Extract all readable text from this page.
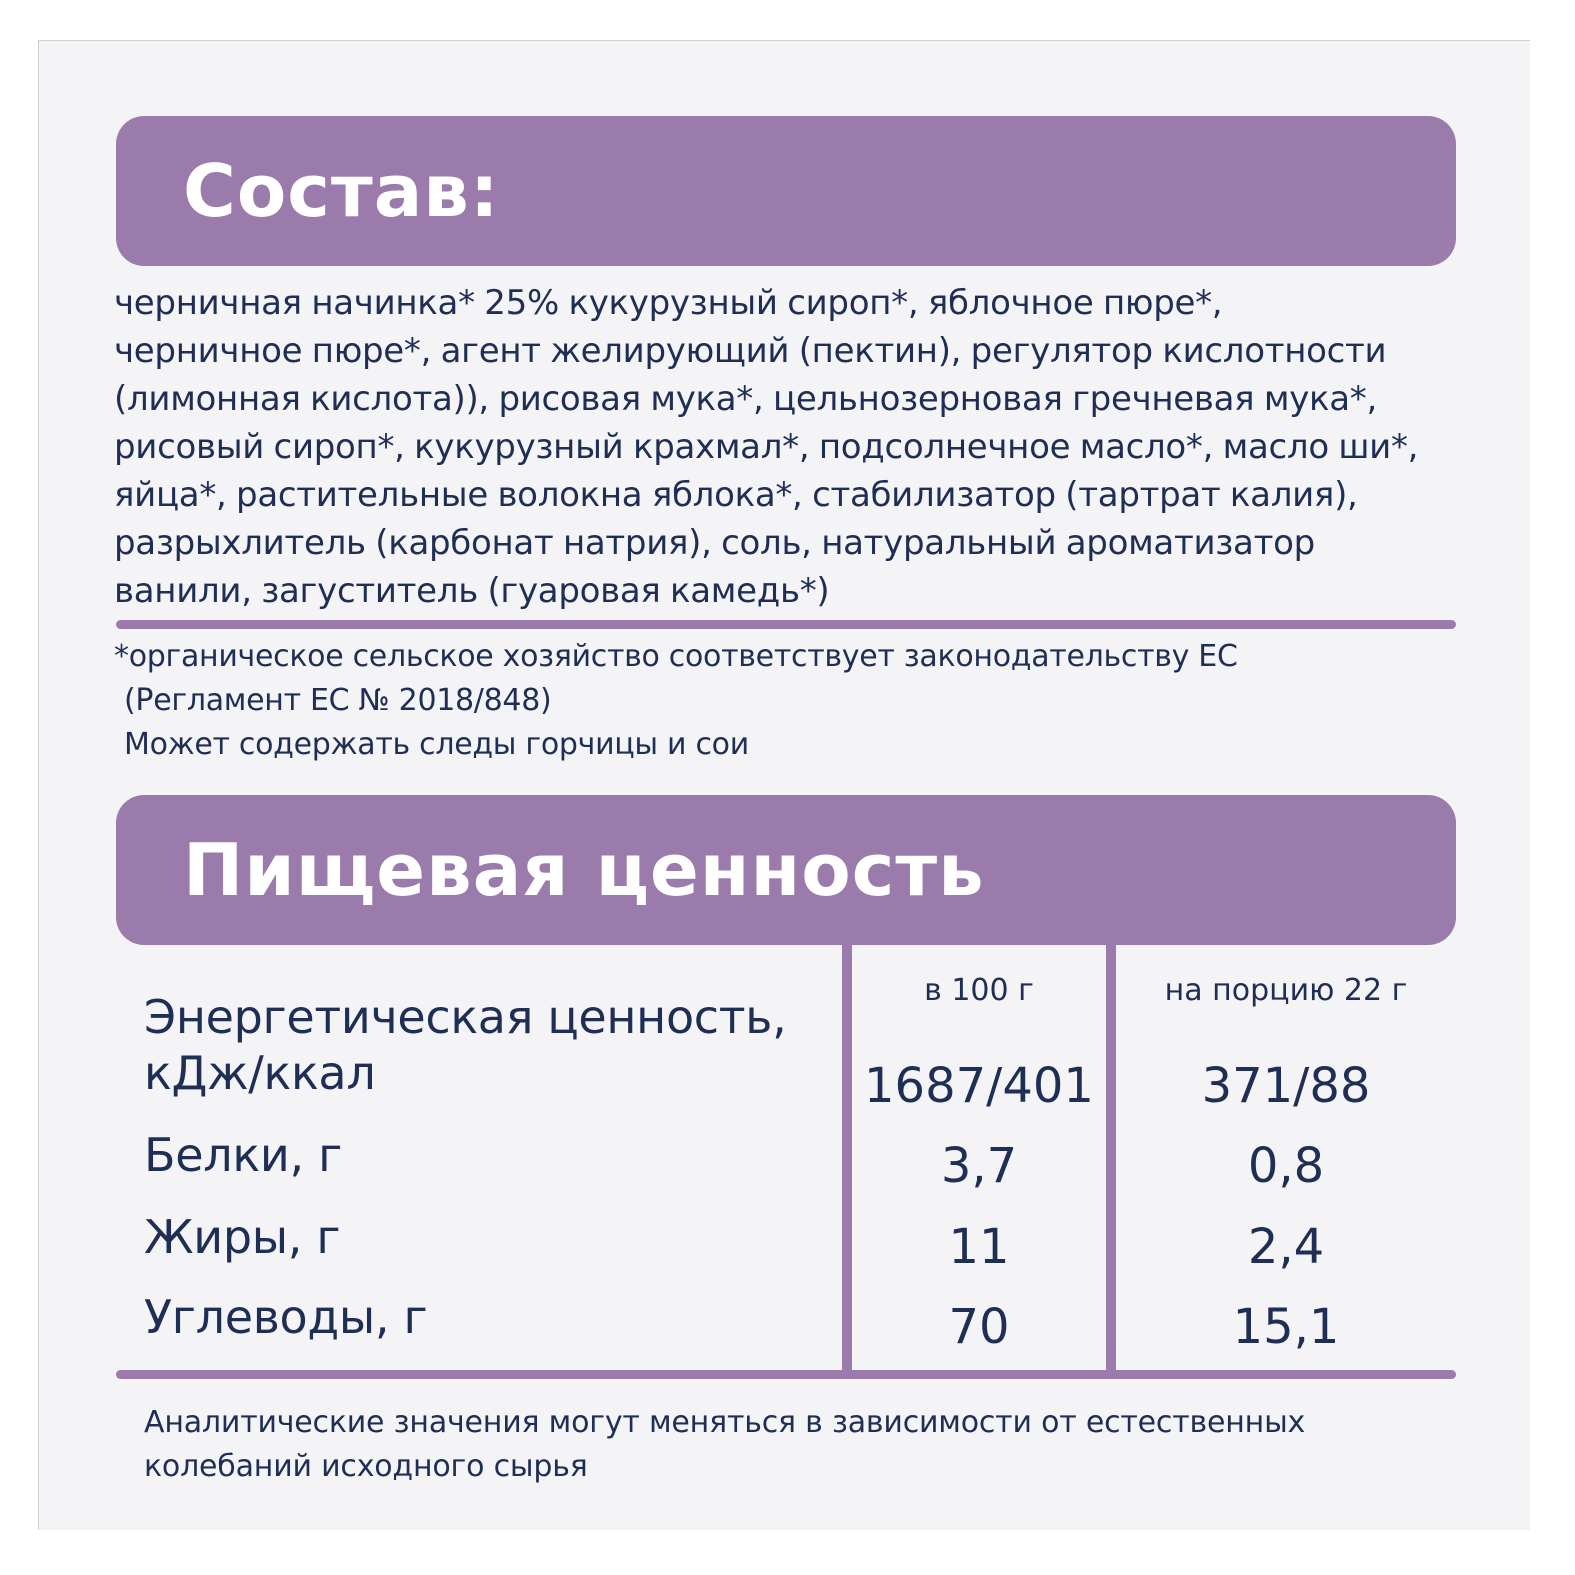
Состав:
черничная начинка* 25% кукурузный сироп*, яблочное пюре*,
черничное пюре*, агент желирующий (пектин), регулятор кислотности
(лимонная кислота)), рисовая мука*, цельнозерновая гречневая мука*,
рисовый сироп*, кукурузный крахмал*, подсолнечное масло*, масло ши*,
яйца*, растительные волокна яблока*, стабилизатор (тартрат калия),
разрыхлитель (карбонат натрия), соль, натуральный ароматизатор
ванили, загуститель (гуаровая камедь*)
*органическое сельское хозяйство соответствует законодательству ЕС
(Регламент ЕС № 2018/848)
Может содержать следы горчицы и сои
Пищевая ценность
в 100 г	на порцию 22 г
Энергетическая ценность,
кДж/ккал	1687/401	371/88
Белки, г	3,7	0,8
Жиры, г	11	2,4
Углеводы, г	70	15,1
Аналитические значения могут меняться в зависимости от естественных
колебаний исходного сырья
